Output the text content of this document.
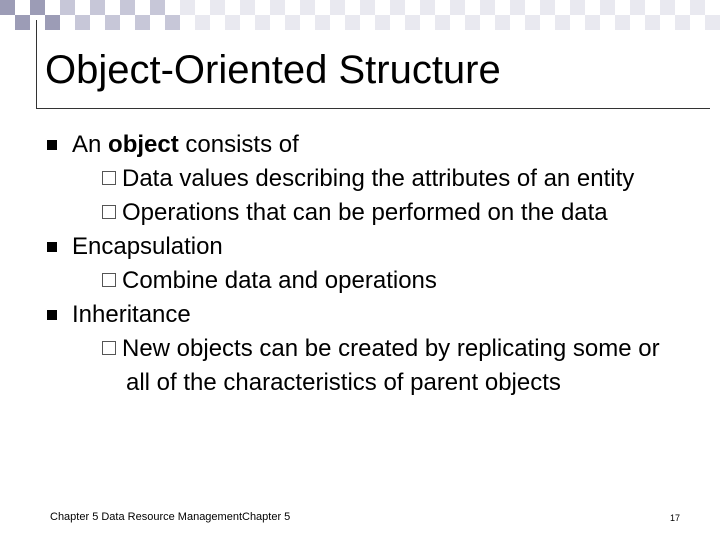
Object-Oriented Structure
An object consists of
Data values describing the attributes of an entity
Operations that can be performed on the data
Encapsulation
Combine data and operations
Inheritance
New objects can be created by replicating some or all of the characteristics of parent objects
Chapter 5 Data Resource ManagementChapter 5	17
